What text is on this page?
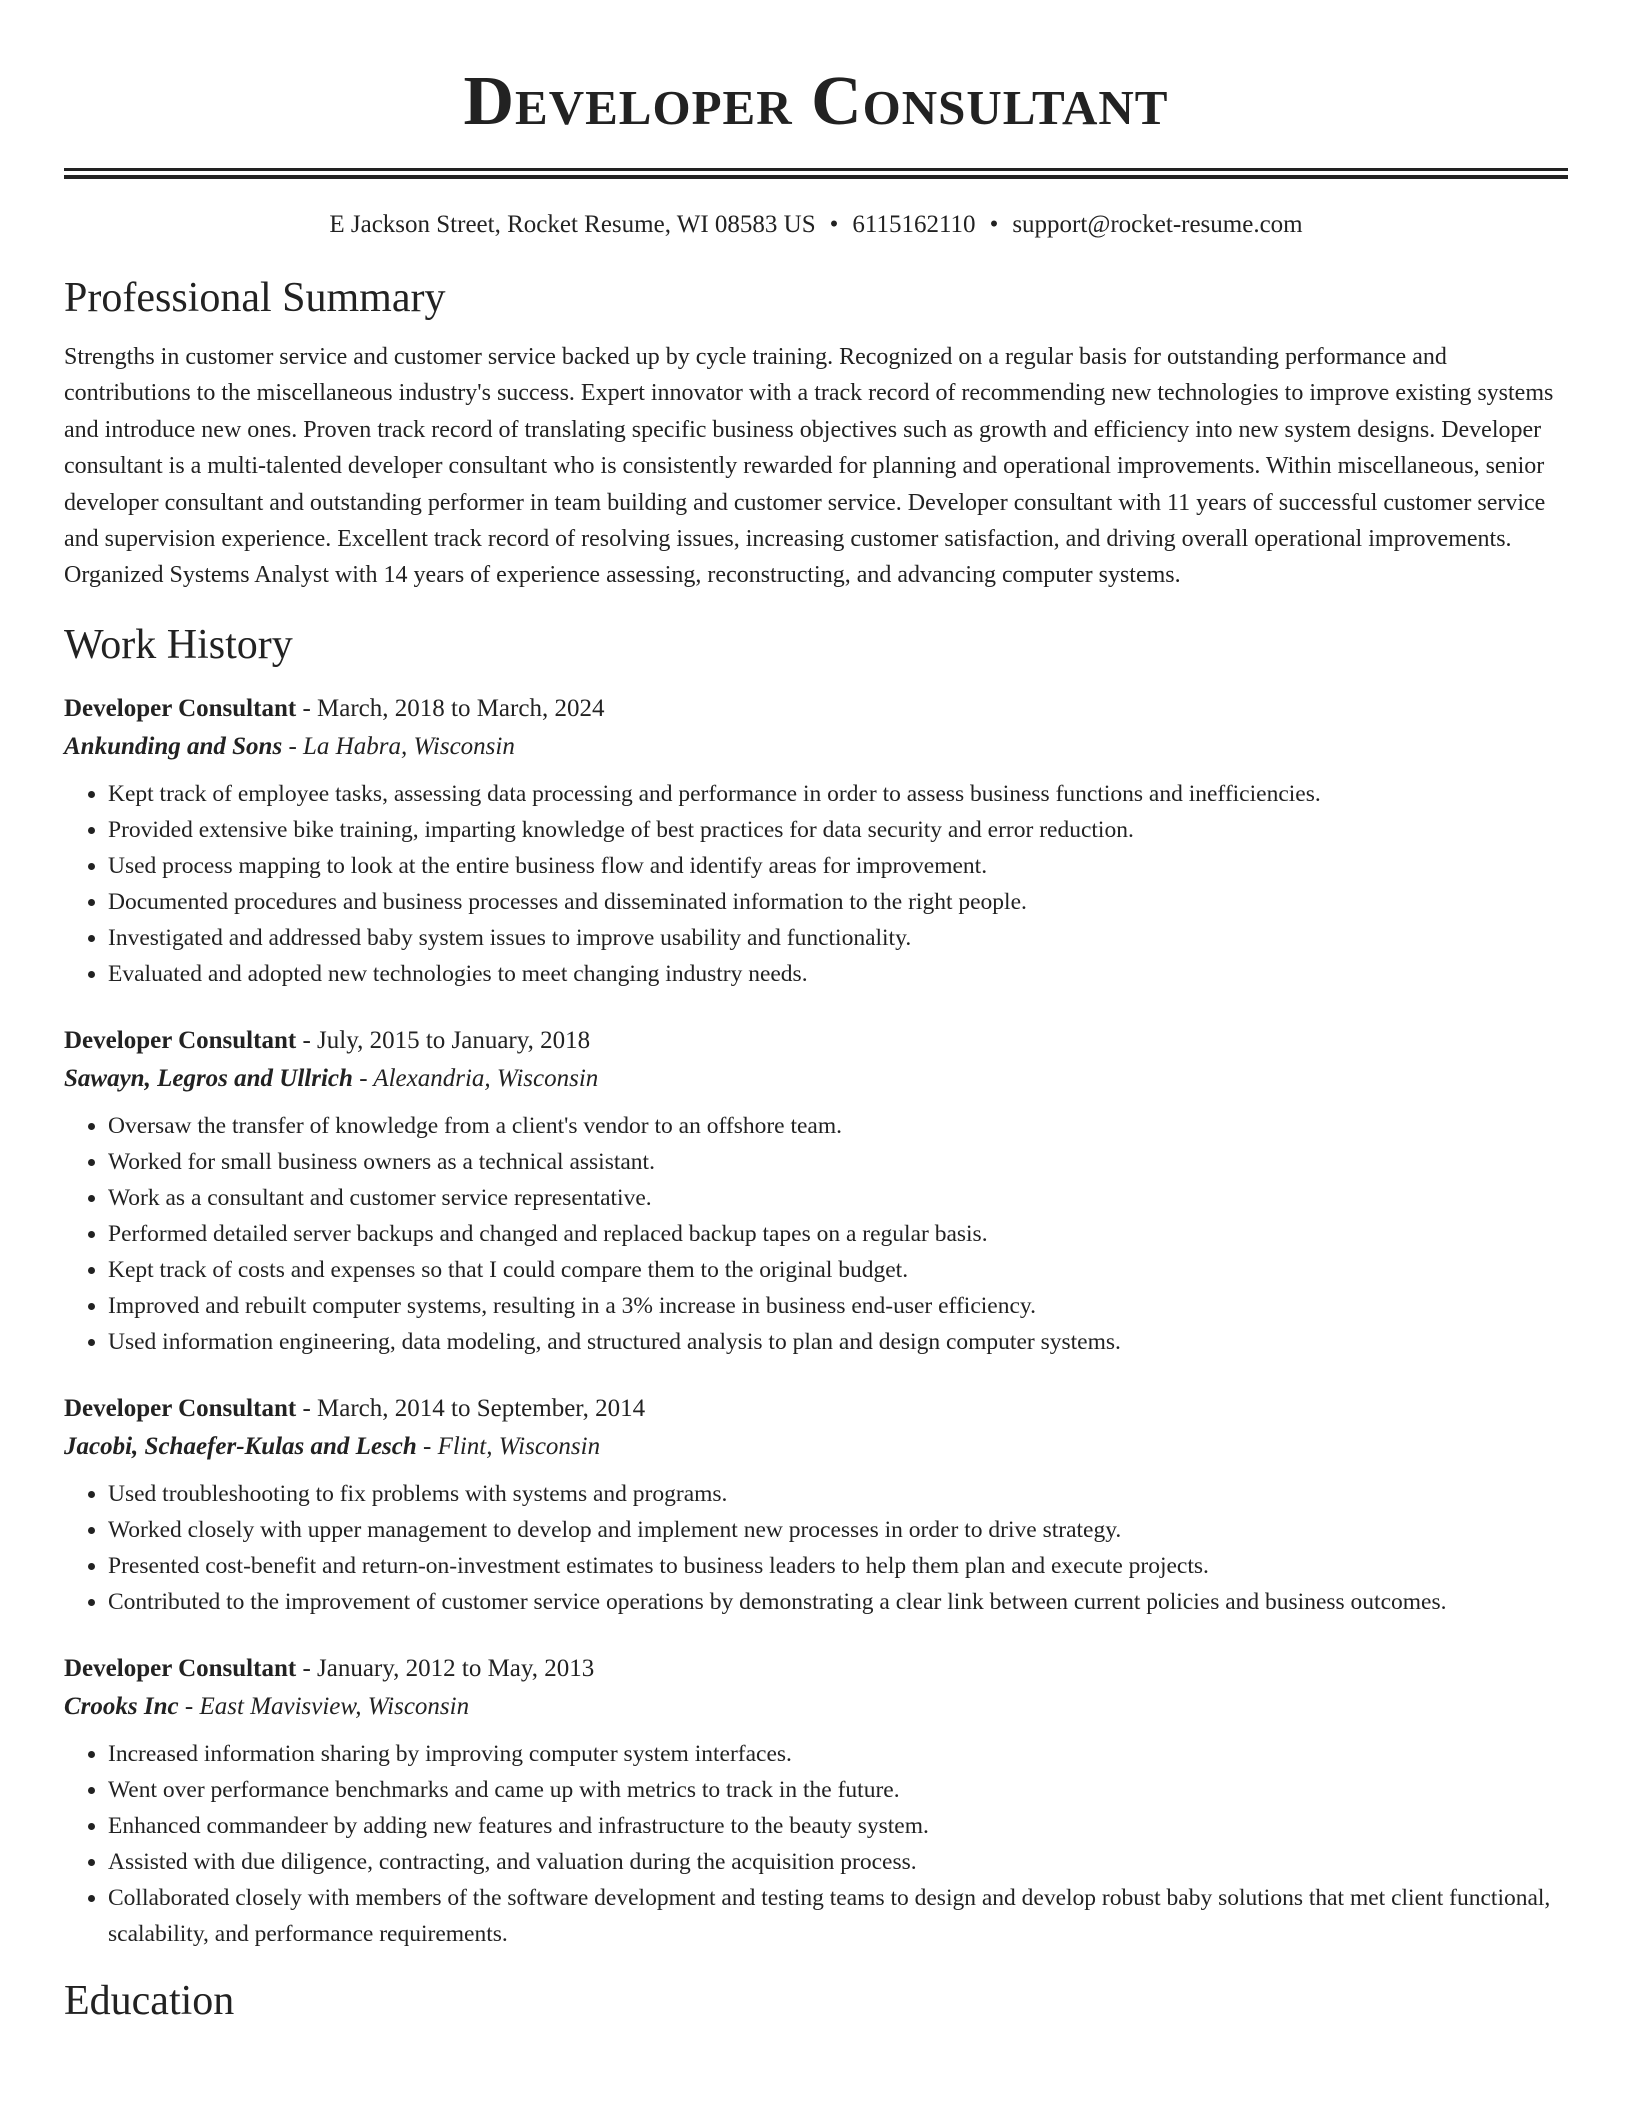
Developer Consultant
E Jackson Street, Rocket Resume, WI 08583 US • 6115162110 • support@rocket-resume.com
Professional Summary

Strengths in customer service and customer service backed up by cycle training. Recognized on a regular basis for outstanding performance and contributions to the miscellaneous industry's success. Expert innovator with a track record of recommending new technologies to improve existing systems and introduce new ones. Proven track record of translating specific business objectives such as growth and efficiency into new system designs. Developer consultant is a multi-talented developer consultant who is consistently rewarded for planning and operational improvements. Within miscellaneous, senior developer consultant and outstanding performer in team building and customer service. Developer consultant with 11 years of successful customer service and supervision experience. Excellent track record of resolving issues, increasing customer satisfaction, and driving overall operational improvements. Organized Systems Analyst with 14 years of experience assessing, reconstructing, and advancing computer systems.

Work History
Developer Consultant - March, 2018 to March, 2024
Ankunding and Sons - La Habra, Wisconsin
• Kept track of employee tasks, assessing data processing and performance in order to assess business functions and inefficiencies.
• Provided extensive bike training, imparting knowledge of best practices for data security and error reduction.
• Used process mapping to look at the entire business flow and identify areas for improvement.
• Documented procedures and business processes and disseminated information to the right people.
• Investigated and addressed baby system issues to improve usability and functionality.
• Evaluated and adopted new technologies to meet changing industry needs.
Developer Consultant - July, 2015 to January, 2018
Sawayn, Legros and Ullrich - Alexandria, Wisconsin
• Oversaw the transfer of knowledge from a client's vendor to an offshore team.
• Worked for small business owners as a technical assistant.
• Work as a consultant and customer service representative.
• Performed detailed server backups and changed and replaced backup tapes on a regular basis.
• Kept track of costs and expenses so that I could compare them to the original budget.
• Improved and rebuilt computer systems, resulting in a 3% increase in business end-user efficiency.
• Used information engineering, data modeling, and structured analysis to plan and design computer systems.
Developer Consultant - March, 2014 to September, 2014
Jacobi, Schaefer-Kulas and Lesch - Flint, Wisconsin
• Used troubleshooting to fix problems with systems and programs.
• Worked closely with upper management to develop and implement new processes in order to drive strategy.
• Presented cost-benefit and return-on-investment estimates to business leaders to help them plan and execute projects.
• Contributed to the improvement of customer service operations by demonstrating a clear link between current policies and business outcomes.
Developer Consultant - January, 2012 to May, 2013
Crooks Inc - East Mavisview, Wisconsin
• Increased information sharing by improving computer system interfaces.
• Went over performance benchmarks and came up with metrics to track in the future.
• Enhanced commandeer by adding new features and infrastructure to the beauty system.
• Assisted with due diligence, contracting, and valuation during the acquisition process.
• Collaborated closely with members of the software development and testing teams to design and develop robust baby solutions that met client functional, scalability, and performance requirements.
Education
